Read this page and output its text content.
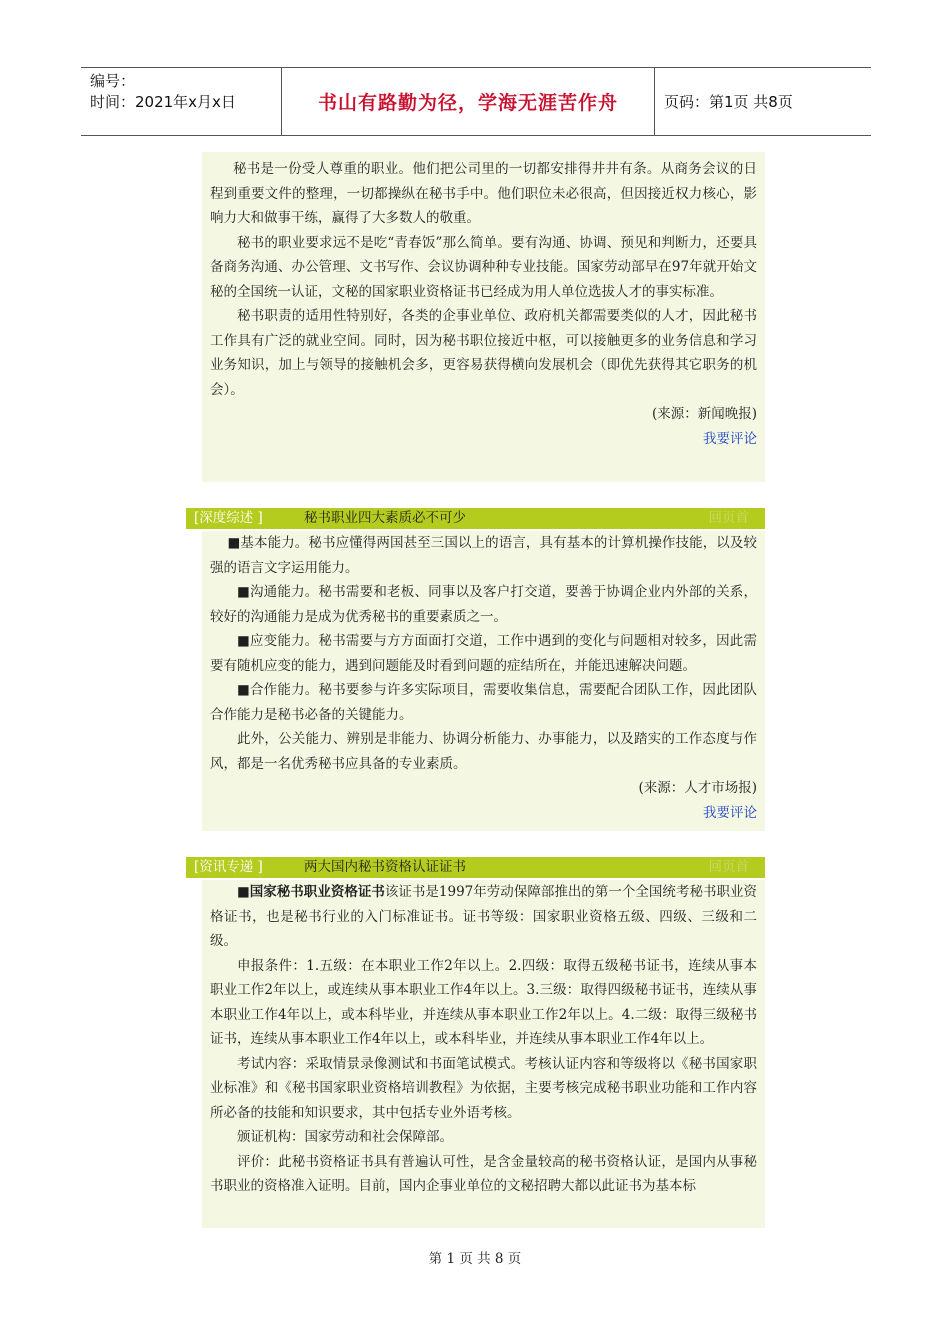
编号：
时间：2021年x月x日	书山有路勤为径，学海无涯苦作舟	页码：第1页 共8页

秘书是一份受人尊重的职业。他们把公司里的一切都安排得井井有条。从商务会议的日程到重要文件的整理，一切都操纵在秘书手中。他们职位未必很高，但因接近权力核心，影响力大和做事干练，赢得了大多数人的敬重。

秘书的职业要求远不是吃“青春饭”那么简单。要有沟通、协调、预见和判断力，还要具备商务沟通、办公管理、文书写作、会议协调种种专业技能。国家劳动部早在97年就开始文秘的全国统一认证，文秘的国家职业资格证书已经成为用人单位选拔人才的事实标准。

秘书职责的适用性特别好，各类的企事业单位、政府机关都需要类似的人才，因此秘书工作具有广泛的就业空间。同时，因为秘书职位接近中枢，可以接触更多的业务信息和学习业务知识，加上与领导的接触机会多，更容易获得横向发展机会（即优先获得其它职务的机会）。

(来源：新闻晚报)
我要评论
[深度综述 ]	秘书职业四大素质必不可少	回页首

■基本能力。秘书应懂得两国甚至三国以上的语言，具有基本的计算机操作技能，以及较强的语言文字运用能力。

■沟通能力。秘书需要和老板、同事以及客户打交道，要善于协调企业内外部的关系，较好的沟通能力是成为优秀秘书的重要素质之一。

■应变能力。秘书需要与方方面面打交道，工作中遇到的变化与问题相对较多，因此需要有随机应变的能力，遇到问题能及时看到问题的症结所在，并能迅速解决问题。

■合作能力。秘书要参与许多实际项目，需要收集信息，需要配合团队工作，因此团队合作能力是秘书必备的关键能力。

此外，公关能力、辨别是非能力、协调分析能力、办事能力，以及踏实的工作态度与作风，都是一名优秀秘书应具备的专业素质。

(来源：人才市场报)
我要评论
[资讯专递 ]	两大国内秘书资格认证证书	回页首

■国家秘书职业资格证书该证书是1997年劳动保障部推出的第一个全国统考秘书职业资格证书，也是秘书行业的入门标准证书。证书等级：国家职业资格五级、四级、三级和二级。

申报条件：1.五级：在本职业工作2年以上。2.四级：取得五级秘书证书，连续从事本职业工作2年以上，或连续从事本职业工作4年以上。3.三级：取得四级秘书证书，连续从事本职业工作4年以上，或本科毕业，并连续从事本职业工作2年以上。4.二级：取得三级秘书证书，连续从事本职业工作4年以上，或本科毕业，并连续从事本职业工作4年以上。

考试内容：采取情景录像测试和书面笔试模式。考核认证内容和等级将以《秘书国家职业标准》和《秘书国家职业资格培训教程》为依据，主要考核完成秘书职业功能和工作内容所必备的技能和知识要求，其中包括专业外语考核。

颁证机构：国家劳动和社会保障部。

评价：此秘书资格证书具有普遍认可性，是含金量较高的秘书资格认证，是国内从事秘书职业的资格准入证明。目前，国内企事业单位的文秘招聘大都以此证书为基本标

第 1 页 共 8 页
